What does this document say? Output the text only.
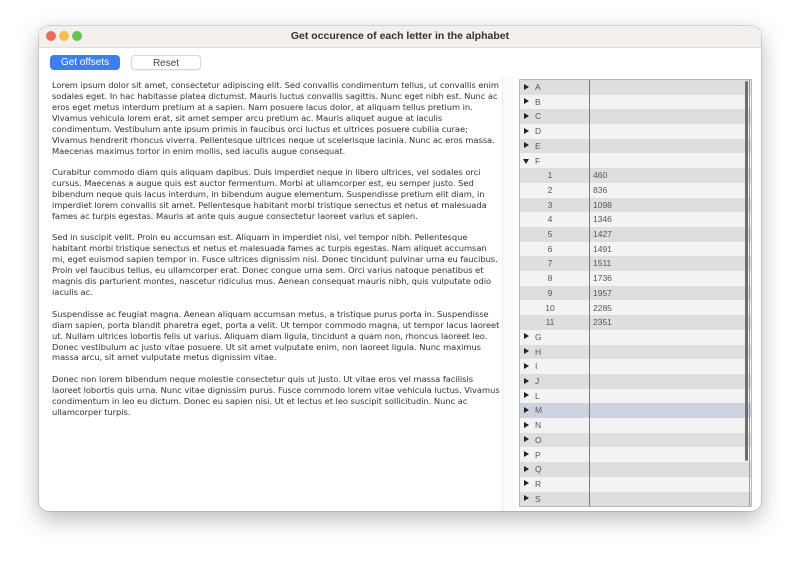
Get occurence of each letter in the alphabet
Get offsets	Reset

Lorem ipsum dolor sit amet, consectetur adipiscing elit. Sed convallis condimentum tellus, ut convallis enim sodales eget. In hac habitasse platea dictumst. Mauris luctus convallis sagittis. Nunc eget nibh est. Nunc ac eros eget metus interdum pretium at a sapien. Nam posuere lacus dolor, at aliquam tellus pretium in. Vivamus vehicula lorem erat, sit amet semper arcu pretium ac. Mauris aliquet augue at iaculis condimentum. Vestibulum ante ipsum primis in faucibus orci luctus et ultrices posuere cubilia curae; Vivamus hendrerit rhoncus viverra. Pellentesque ultrices neque ut scelerisque lacinia. Nunc ac eros massa. Maecenas maximus tortor in enim mollis, sed iaculis augue consequat.

Curabitur commodo diam quis aliquam dapibus. Duis imperdiet neque in libero ultrices, vel sodales orci cursus. Maecenas a augue quis est auctor fermentum. Morbi at ullamcorper est, eu semper justo. Sed bibendum neque quis lacus interdum, in bibendum augue elementum. Suspendisse pretium elit diam, in imperdiet lorem convallis sit amet. Pellentesque habitant morbi tristique senectus et netus et malesuada fames ac turpis egestas. Mauris at ante quis augue consectetur laoreet varius et sapien.

Sed in suscipit velit. Proin eu accumsan est. Aliquam in imperdiet nisi, vel tempor nibh. Pellentesque habitant morbi tristique senectus et netus et malesuada fames ac turpis egestas. Nam aliquet accumsan mi, eget euismod sapien tempor in. Fusce ultrices dignissim nisi. Donec tincidunt pulvinar urna eu faucibus. Proin vel faucibus tellus, eu ullamcorper erat. Donec congue urna sem. Orci varius natoque penatibus et magnis dis parturient montes, nascetur ridiculus mus. Aenean consequat mauris nibh, quis vulputate odio iaculis ac.

Suspendisse ac feugiat magna. Aenean aliquam accumsan metus, a tristique purus porta in. Suspendisse diam sapien, porta blandit pharetra eget, porta a velit. Ut tempor commodo magna, ut tempor lacus laoreet ut. Nullam ultrices lobortis felis ut varius. Aliquam diam ligula, tincidunt a quam non, rhoncus laoreet leo. Donec vestibulum ac justo vitae posuere. Ut sit amet vulputate enim, non laoreet ligula. Nunc maximus massa arcu, sit amet vulputate metus dignissim vitae.

Donec non lorem bibendum neque molestie consectetur quis ut justo. Ut vitae eros vel massa facilisis laoreet lobortis quis urna. Nunc vitae dignissim purus. Fusce commodo lorem vitae vehicula luctus. Vivamus condimentum in leo eu dictum. Donec eu sapien nisi. Ut et lectus et leo suscipit sollicitudin. Nunc ac ullamcorper turpis.

A
B
C
D
E
F
1	460
2	836
3	1098
4	1346
5	1427
6	1491
7	1511
8	1736
9	1957
10	2285
11	2351
G
H
I
J
L
M
N
O
P
Q
R
S
